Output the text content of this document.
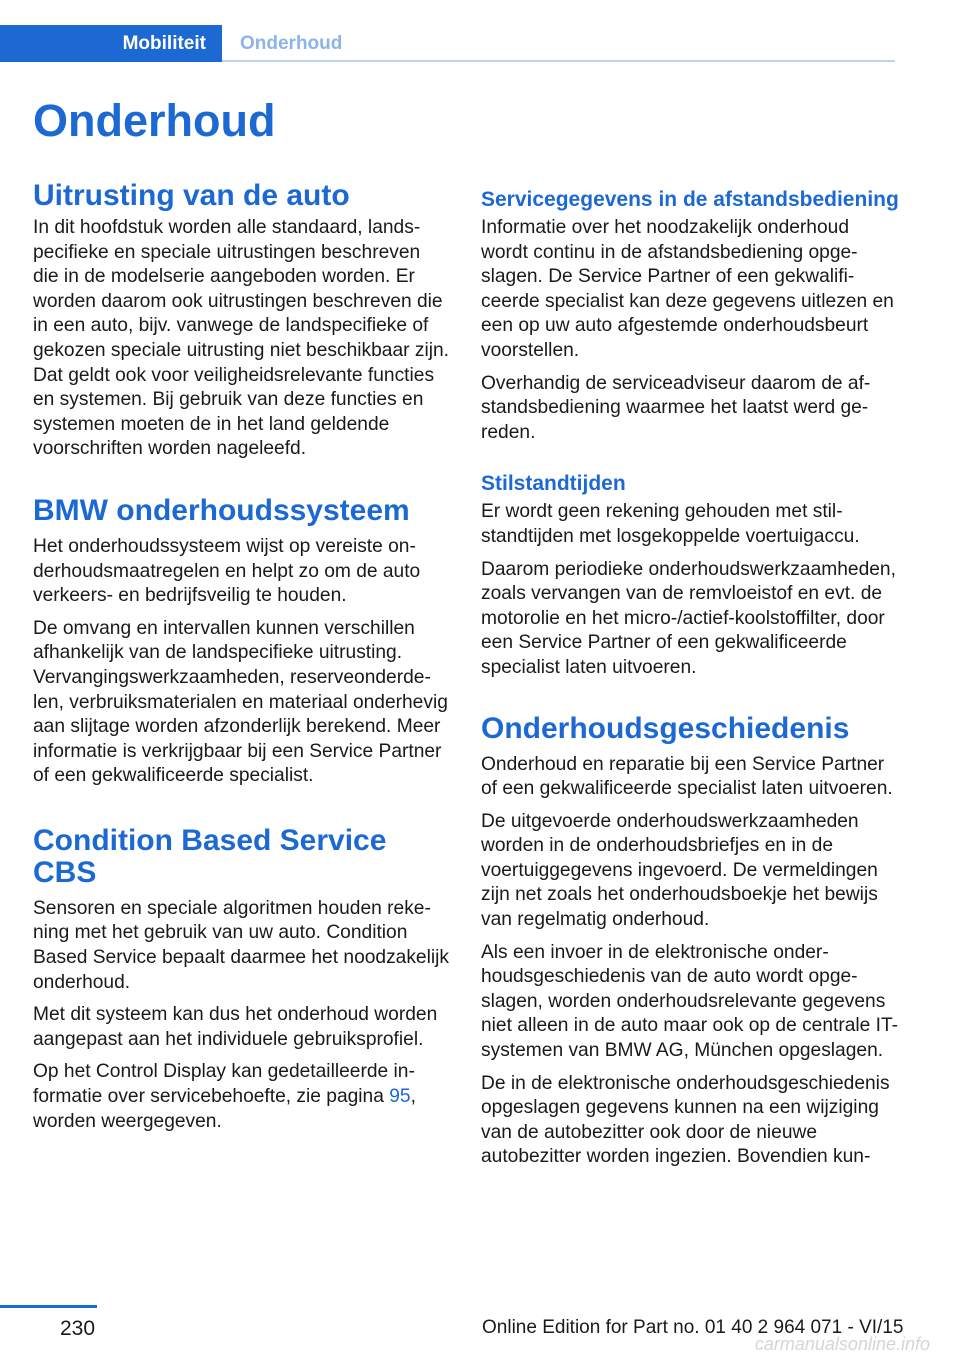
Mobiliteit	Onderhoud
Onderhoud
Uitrusting van de auto

In dit hoofdstuk worden alle standaard, landspecifieke en speciale uitrustingen beschreven die in de modelserie aangeboden worden. Er worden daarom ook uitrustingen beschreven die in een auto, bijv. vanwege de landspecifieke of gekozen speciale uitrusting niet beschikbaar zijn. Dat geldt ook voor veiligheidsrelevante functies en systemen. Bij gebruik van deze functies en systemen moeten de in het land geldende voorschriften worden nageleefd.

BMW onderhoudssysteem

Het onderhoudssysteem wijst op vereiste onderhoudsmaatregelen en helpt zo om de auto verkeers- en bedrijfsveilig te houden.

De omvang en intervallen kunnen verschillen afhankelijk van de landspecifieke uitrusting. Vervangingswerkzaamheden, reserveonderdelen, verbruiksmaterialen en materiaal onderhevig aan slijtage worden afzonderlijk berekend. Meer informatie is verkrijgbaar bij een Service Partner of een gekwalificeerde specialist.

Condition Based Service CBS

Sensoren en speciale algoritmen houden rekening met het gebruik van uw auto. Condition Based Service bepaalt daarmee het noodzakelijk onderhoud.

Met dit systeem kan dus het onderhoud worden aangepast aan het individuele gebruiksprofiel.

Op het Control Display kan gedetailleerde informatie over servicebehoefte, zie pagina 95, worden weergegeven.

Servicegegevens in de afstandsbediening

Informatie over het noodzakelijk onderhoud wordt continu in de afstandsbediening opgeslagen. De Service Partner of een gekwalificeerde specialist kan deze gegevens uitlezen en een op uw auto afgestemde onderhoudsbeurt voorstellen.

Overhandig de serviceadviseur daarom de afstandsbediening waarmee het laatst werd gereden.

Stilstandtijden

Er wordt geen rekening gehouden met stilstandtijden met losgekoppelde voertuigaccu.

Daarom periodieke onderhoudswerkzaamheden, zoals vervangen van de remvloeistof en evt. de motorolie en het micro-/actief-koolstoffilter, door een Service Partner of een gekwalificeerde specialist laten uitvoeren.

Onderhoudsgeschiedenis

Onderhoud en reparatie bij een Service Partner of een gekwalificeerde specialist laten uitvoeren.

De uitgevoerde onderhoudswerkzaamheden worden in de onderhoudsbriefjes en in de voertuiggegevens ingevoerd. De vermeldingen zijn net zoals het onderhoudsboekje het bewijs van regelmatig onderhoud.

Als een invoer in de elektronische onderhoudsgeschiedenis van de auto wordt opgeslagen, worden onderhoudsrelevante gegevens niet alleen in de auto maar ook op de centrale IT-systemen van BMW AG, München opgeslagen.

De in de elektronische onderhoudsgeschiedenis opgeslagen gegevens kunnen na een wijziging van de autobezitter ook door de nieuwe autobezitter worden ingezien. Bovendien kun-

230	Online Edition for Part no. 01 40 2 964 071 - VI/15
carmanualsonline.info
